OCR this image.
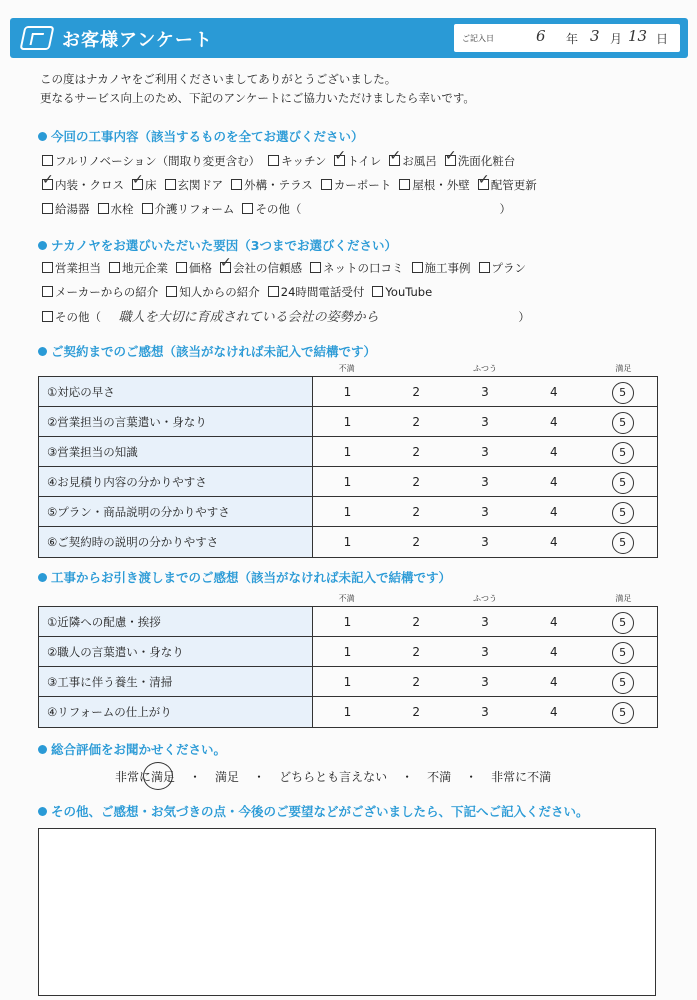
お客様アンケート	ご記入日	6 年 3 月 13 日
この度はナカノヤをご利用くださいましてありがとうございました。
更なるサービス向上のため、下記のアンケートにご協力いただけましたら幸いです。
今回の工事内容（該当するものを全てお選びください）
フルリノベーション（間取り変更含む） キッチン ✓ トイレ ✓ お風呂 ✓ 洗面化粧台
✓内装・クロス ✓ 床 玄関ドア 外構・テラス カーポート 屋根・外壁 ✓ 配管更新
給湯器 水栓 介護リフォーム その他（	）
ナカノヤをお選びいただいた要因（3つまでお選びください）
営業担当 地元企業 価格 ✓ 会社の信頼感 ネットの口コミ 施工事例 プラン
メーカーからの紹介 知人からの紹介 24時間電話受付 YouTube
その他（ 職人を大切に育成されている会社の姿勢から	）
ご契約までのご感想（該当がなければ未記入で結構です）
不満	ふつう	満足
①対応の早さ	1	2	3	4	5
②営業担当の言葉遣い・身なり	1	2	3	4	5
③営業担当の知識	1	2	3	4	5
④お見積り内容の分かりやすさ	1	2	3	4	5
⑤プラン・商品説明の分かりやすさ	1	2	3	4	5
⑥ご契約時の説明の分かりやすさ	1	2	3	4	5
工事からお引き渡しまでのご感想（該当がなければ未記入で結構です）
不満	ふつう	満足
①近隣への配慮・挨拶	1	2	3	4	5
②職人の言葉遣い・身なり	1	2	3	4	5
③工事に伴う養生・清掃	1	2	3	4	5
④リフォームの仕上がり	1	2	3	4	5
総合評価をお聞かせください。
非常に満足 ・ 満足 ・ どちらとも言えない ・ 不満 ・ 非常に不満
その他、ご感想・お気づきの点・今後のご要望などがございましたら、下記へご記入ください。
